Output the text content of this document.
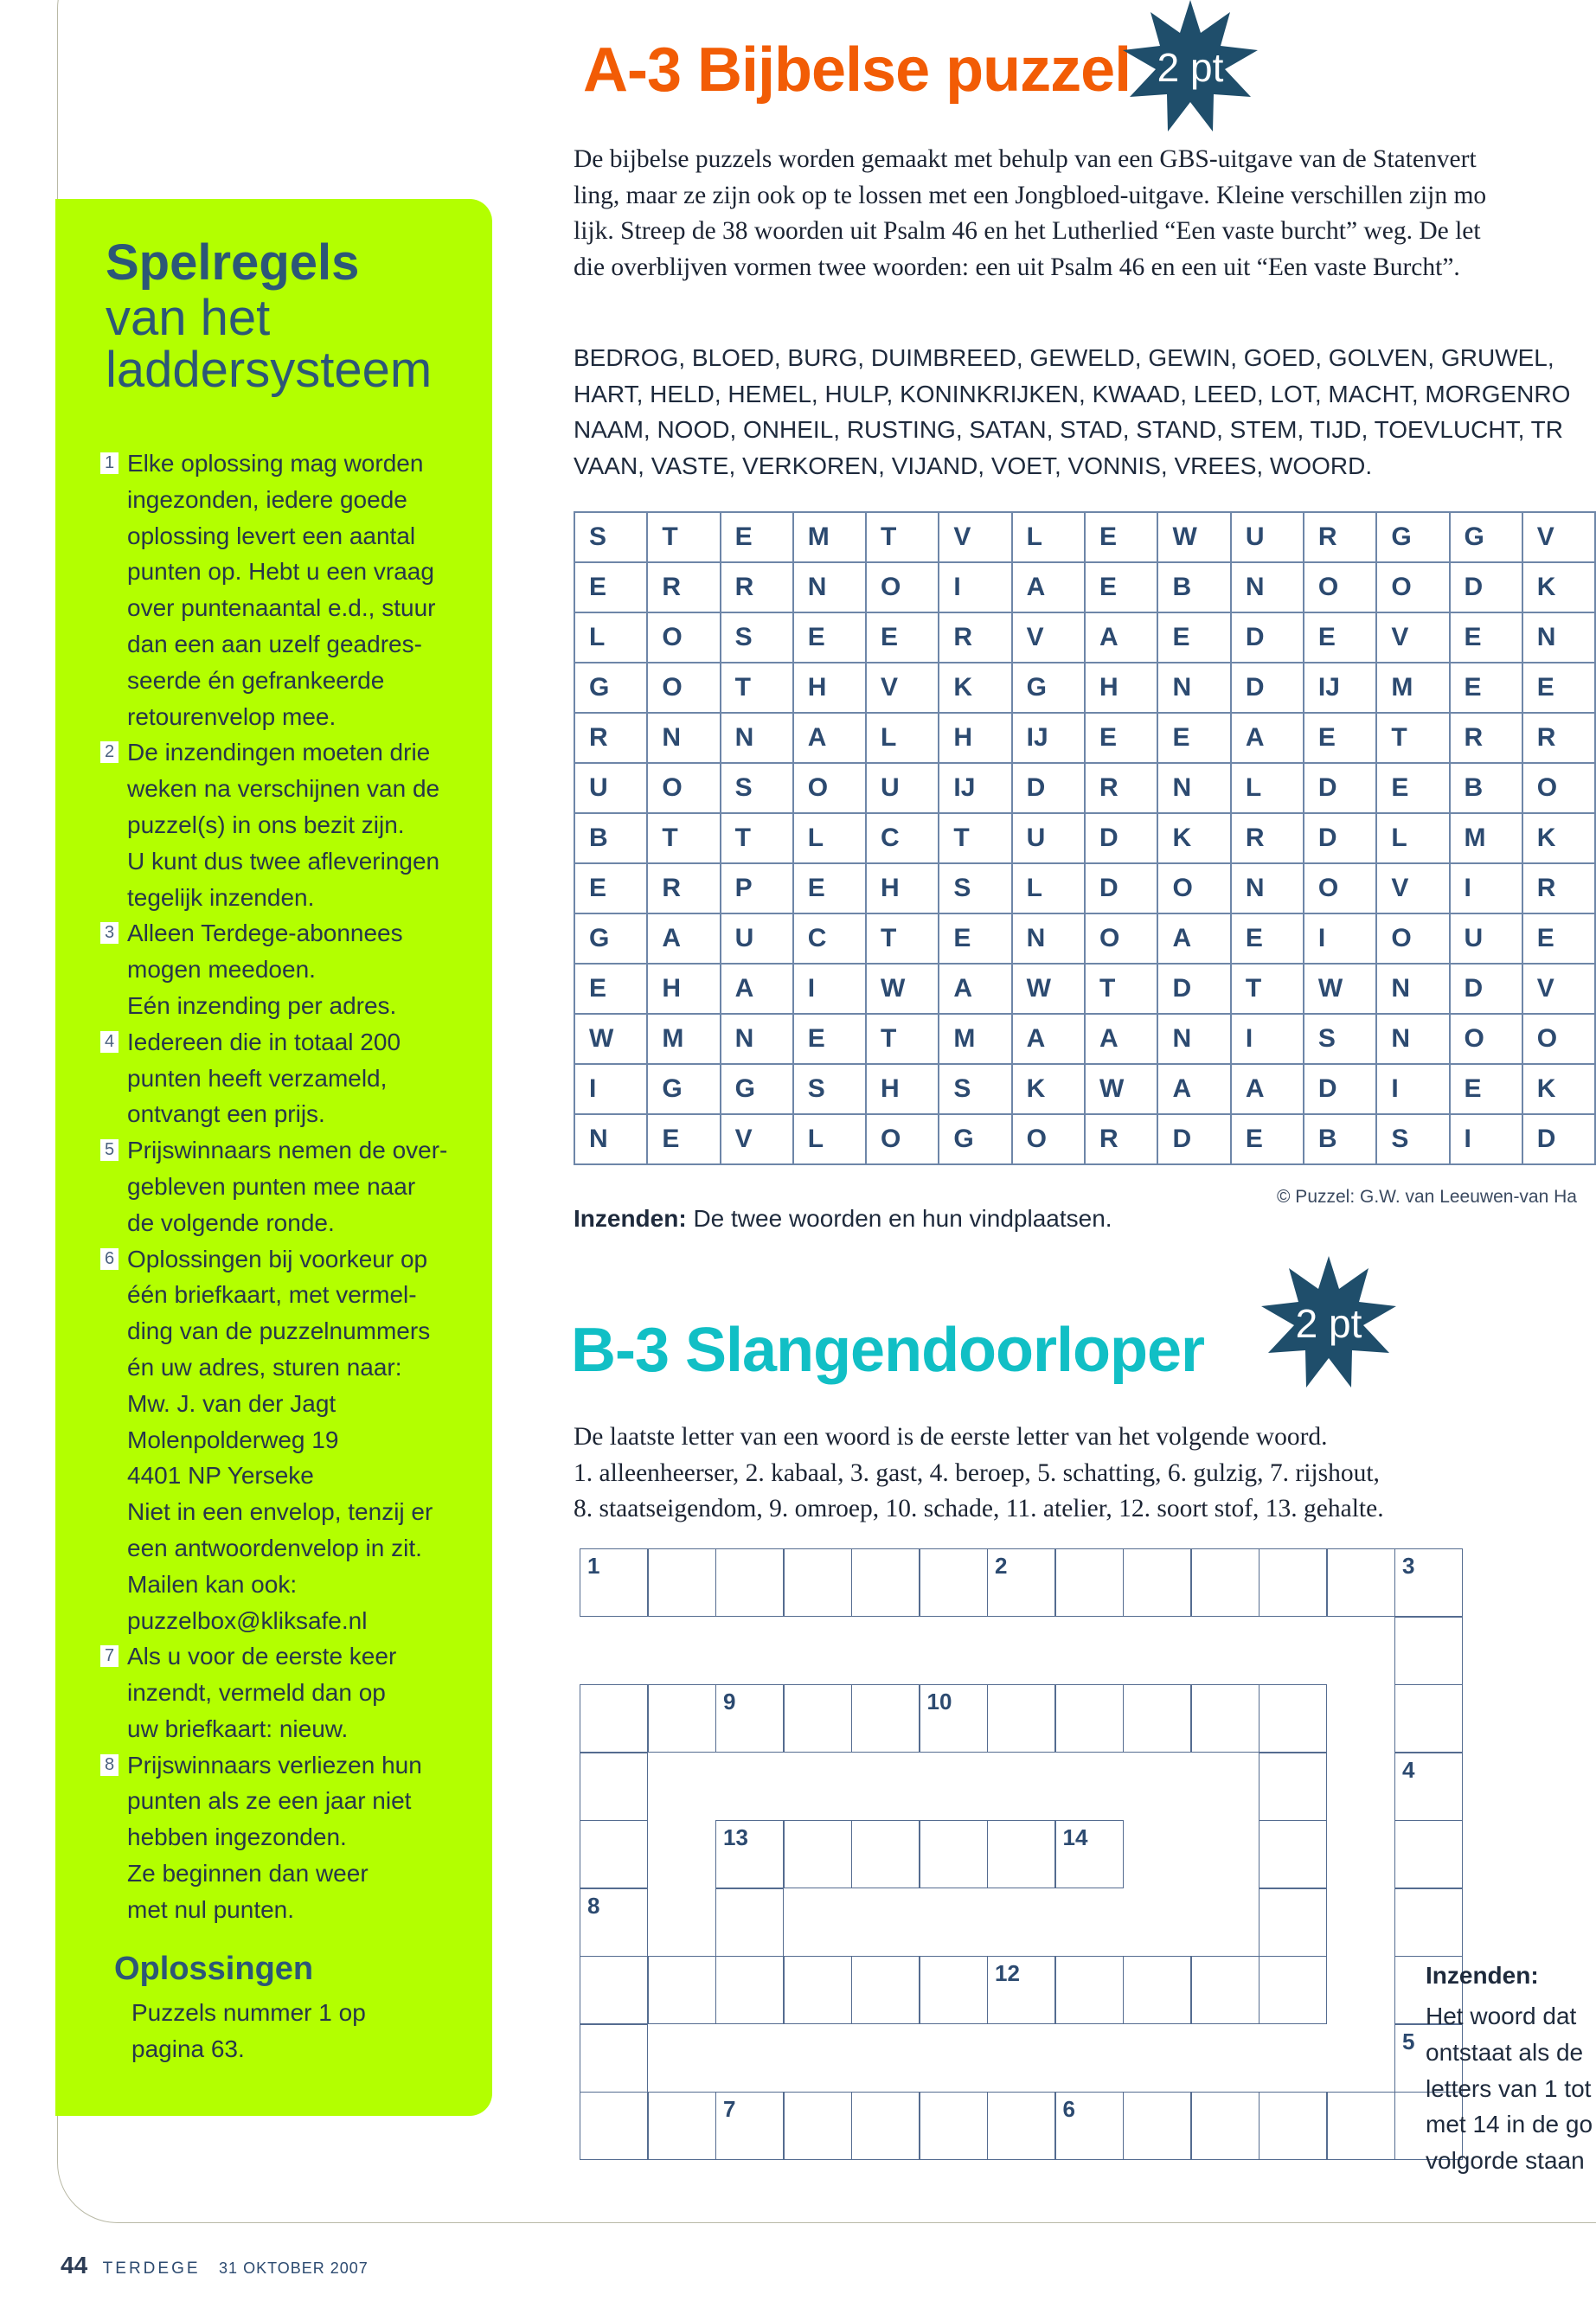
Spelregels
van het
laddersysteem
1 Elke oplossing mag worden
ingezonden, iedere goede
oplossing levert een aantal
punten op. Hebt u een vraag
over puntenaantal e.d., stuur
dan een aan uzelf geadres-
seerde én gefrankeerde
retourenvelop mee.
2 De inzendingen moeten drie
weken na verschijnen van de
puzzel(s) in ons bezit zijn.
U kunt dus twee afleveringen
tegelijk inzenden.
3 Alleen Terdege-abonnees
mogen meedoen.
Eén inzending per adres.
4 Iedereen die in totaal 200
punten heeft verzameld,
ontvangt een prijs.
5 Prijswinnaars nemen de over-
gebleven punten mee naar
de volgende ronde.
6 Oplossingen bij voorkeur op
één briefkaart, met vermel-
ding van de puzzelnummers
én uw adres, sturen naar:
Mw. J. van der Jagt
Molenpolderweg 19
4401 NP Yerseke
Niet in een envelop, tenzij er
een antwoordenvelop in zit.
Mailen kan ook:
puzzelbox@kliksafe.nl
7 Als u voor de eerste keer
inzendt, vermeld dan op
uw briefkaart: nieuw.
8 Prijswinnaars verliezen hun
punten als ze een jaar niet
hebben ingezonden.
Ze beginnen dan weer
met nul punten.
Oplossingen
Puzzels nummer 1 op
pagina 63.
A-3 Bijbelse puzzel 2 pt
De bijbelse puzzels worden gemaakt met behulp van een GBS-uitgave van de Statenvert
ling, maar ze zijn ook op te lossen met een Jongbloed-uitgave. Kleine verschillen zijn mo
lijk. Streep de 38 woorden uit Psalm 46 en het Lutherlied “Een vaste burcht” weg. De let
die overblijven vormen twee woorden: een uit Psalm 46 en een uit “Een vaste Burcht”.
BEDROG, BLOED, BURG, DUIMBREED, GEWELD, GEWIN, GOED, GOLVEN, GRUWEL,
HART, HELD, HEMEL, HULP, KONINKRIJKEN, KWAAD, LEED, LOT, MACHT, MORGENRO
NAAM, NOOD, ONHEIL, RUSTING, SATAN, STAD, STAND, STEM, TIJD, TOEVLUCHT, TR
VAAN, VASTE, VERKOREN, VIJAND, VOET, VONNIS, VREES, WOORD.
S	T	E	M	T	V	L	E	W	U	R	G	G	V

E	R	R	N	O	I	A	E	B	N	O	O	D	K

L	O	S	E	E	R	V	A	E	D	E	V	E	N

G	O	T	H	V	K	G	H	N	D	IJ	M	E	E

R	N	N	A	L	H	IJ	E	E	A	E	T	R	R

U	O	S	O	U	IJ	D	R	N	L	D	E	B	O

B	T	T	L	C	T	U	D	K	R	D	L	M	K

E	R	P	E	H	S	L	D	O	N	O	V	I	R

G	A	U	C	T	E	N	O	A	E	I	O	U	E

E	H	A	I	W	A	W	T	D	T	W	N	D	V

W	M	N	E	T	M	A	A	N	I	S	N	O	O

I	G	G	S	H	S	K	W	A	A	D	I	E	K

N	E	V	L	O	G	O	R	D	E	B	S	I	D
© Puzzel: G.W. van Leeuwen-van Ha
Inzenden: De twee woorden en hun vindplaatsen.
B-3 Slangendoorloper	2 pt
De laatste letter van een woord is de eerste letter van het volgende woord.
1. alleenheerser, 2. kabaal, 3. gast, 4. beroep, 5. schatting, 6. gulzig, 7. rijshout,
8. staatseigendom, 9. omroep, 10. schade, 11. atelier, 12. soort stof, 13. gehalte.
1	2	3
4
5
7	6
8
9	10
12
13	14
Inzenden:
Het woord dat
ontstaat als de
letters van 1 tot
met 14 in de go
volgorde staan
44 TERDEGE 31 OKTOBER 2007
